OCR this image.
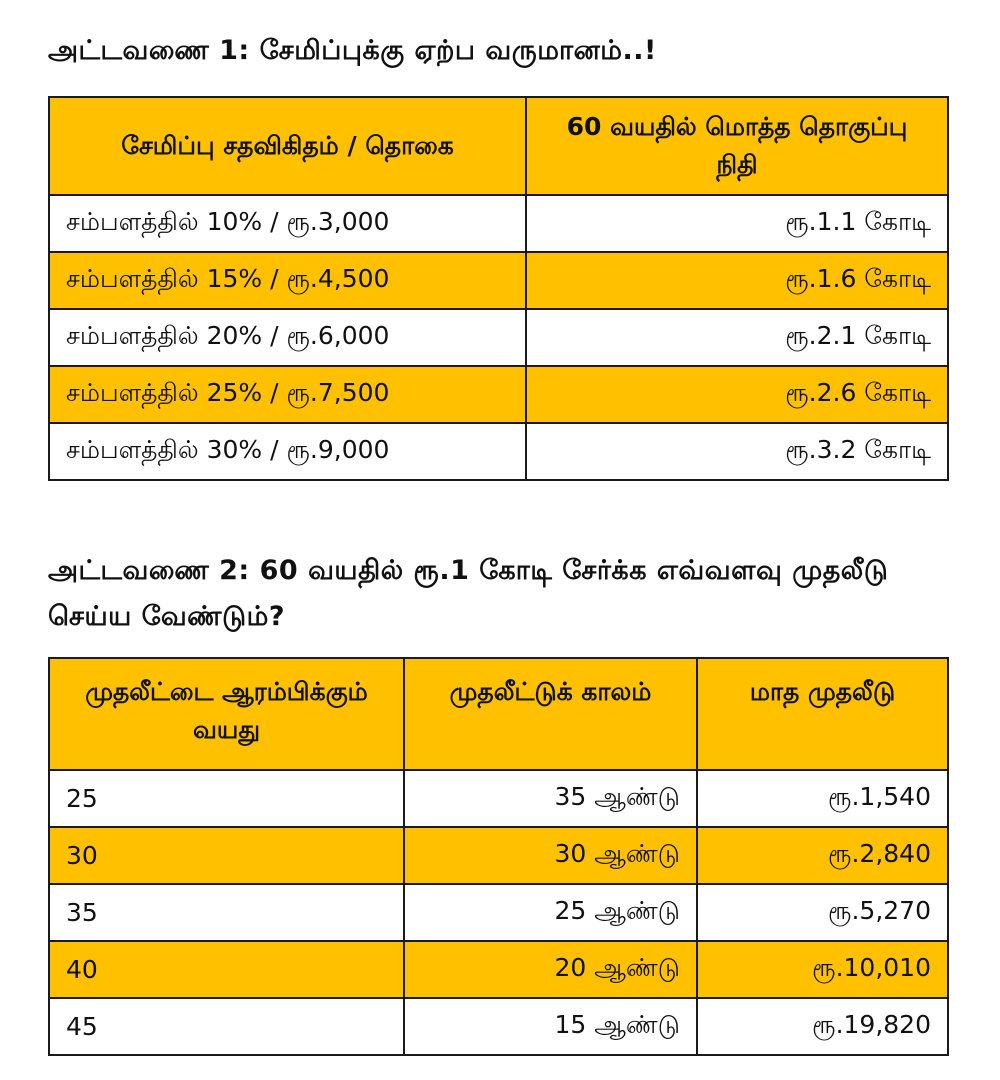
அட்டவணை 1: சேமிப்புக்கு ஏற்ப வருமானம்..!
சேமிப்பு சதவிகிதம் / தொகை	60 வயதில் மொத்த தொகுப்பு நிதி
சம்பளத்தில் 10% / ரூ.3,000	ரூ.1.1 கோடி
சம்பளத்தில் 15% / ரூ.4,500	ரூ.1.6 கோடி
சம்பளத்தில் 20% / ரூ.6,000	ரூ.2.1 கோடி
சம்பளத்தில் 25% / ரூ.7,500	ரூ.2.6 கோடி
சம்பளத்தில் 30% / ரூ.9,000	ரூ.3.2 கோடி
அட்டவணை 2: 60 வயதில் ரூ.1 கோடி சேர்க்க எவ்வளவு முதலீடு செய்ய வேண்டும்?
முதலீட்டை ஆரம்பிக்கும் வயது	முதலீட்டுக் காலம்	மாத முதலீடு
25	35 ஆண்டு	ரூ.1,540
30	30 ஆண்டு	ரூ.2,840
35	25 ஆண்டு	ரூ.5,270
40	20 ஆண்டு	ரூ.10,010
45	15 ஆண்டு	ரூ.19,820
